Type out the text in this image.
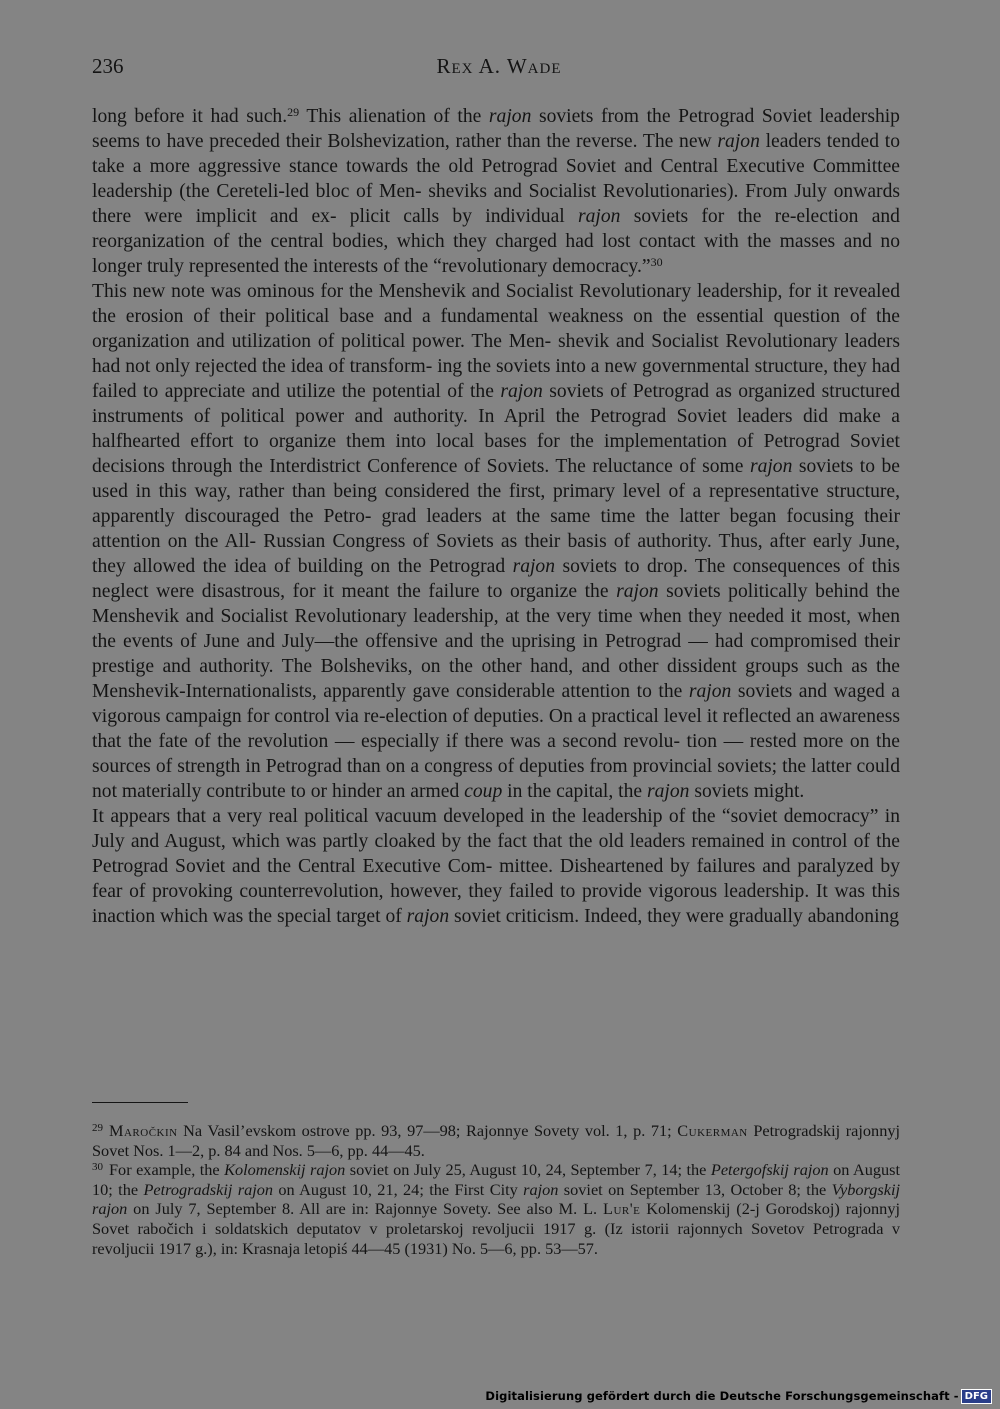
236	Rex A. Wade

long before it had such.$^{29}$ This alienation of the rajon soviets from the Petrograd Soviet leadership seems to have preceded their Bolshevization, rather than the reverse. The new rajon leaders tended to take a more aggressive stance towards the old Petrograd Soviet and Central Executive Committee leadership (the Cereteli-led bloc of Men- sheviks and Socialist Revolutionaries). From July onwards there were implicit and ex- plicit calls by individual rajon soviets for the re-election and reorganization of the central bodies, which they charged had lost contact with the masses and no longer truly represented the interests of the “revolutionary democracy.”$^{30}$

This new note was ominous for the Menshevik and Socialist Revolutionary leadership, for it revealed the erosion of their political base and a fundamental weakness on the essential question of the organization and utilization of political power. The Men- shevik and Socialist Revolutionary leaders had not only rejected the idea of transform- ing the soviets into a new governmental structure, they had failed to appreciate and utilize the potential of the rajon soviets of Petrograd as organized structured instruments of political power and authority. In April the Petrograd Soviet leaders did make a halfhearted effort to organize them into local bases for the implementation of Petrograd Soviet decisions through the Interdistrict Conference of Soviets. The reluctance of some rajon soviets to be used in this way, rather than being considered the first, primary level of a representative structure, apparently discouraged the Petro- grad leaders at the same time the latter began focusing their attention on the All- Russian Congress of Soviets as their basis of authority. Thus, after early June, they allowed the idea of building on the Petrograd rajon soviets to drop. The consequences of this neglect were disastrous, for it meant the failure to organize the rajon soviets politically behind the Menshevik and Socialist Revolutionary leadership, at the very time when they needed it most, when the events of June and July—the offensive and the uprising in Petrograd — had compromised their prestige and authority. The Bolsheviks, on the other hand, and other dissident groups such as the Menshevik-Internationalists, apparently gave considerable attention to the rajon soviets and waged a vigorous campaign for control via re-election of deputies. On a practical level it reflected an awareness that the fate of the revolution — especially if there was a second revolu- tion — rested more on the sources of strength in Petrograd than on a congress of deputies from provincial soviets; the latter could not materially contribute to or hinder an armed coup in the capital, the rajon soviets might.

It appears that a very real political vacuum developed in the leadership of the “soviet democracy” in July and August, which was partly cloaked by the fact that the old leaders remained in control of the Petrograd Soviet and the Central Executive Com- mittee. Disheartened by failures and paralyzed by fear of provoking counterrevolution, however, they failed to provide vigorous leadership. It was this inaction which was the special target of rajon soviet criticism. Indeed, they were gradually abandoning

$^{29}$ Maročkin Na Vasil’evskom ostrove pp. 93, 97—98; Rajonnye Sovety vol. 1, p. 71; Cukerman Petrogradskij rajonnyj Sovet Nos. 1—2, p. 84 and Nos. 5—6, pp. 44—45.

$^{30}$ For example, the Kolomenskij rajon soviet on July 25, August 10, 24, September 7, 14; the Petergofskij rajon on August 10; the Petrogradskij rajon on August 10, 21, 24; the First City rajon soviet on September 13, October 8; the Vyborgskij rajon on July 7, September 8. All are in: Rajonnye Sovety. See also M. L. Lur'e Kolomenskij (2-j Gorodskoj) rajonnyj Sovet rabočich i soldatskich deputatov v proletarskoj revoljucii 1917 g. (Iz istorii rajonnych Sovetov Petrograda v revoljucii 1917 g.), in: Krasnaja letopiś 44—45 (1931) No. 5—6, pp. 53—57.

Digitalisierung gefördert durch die Deutsche Forschungsgemeinschaft - DFG
